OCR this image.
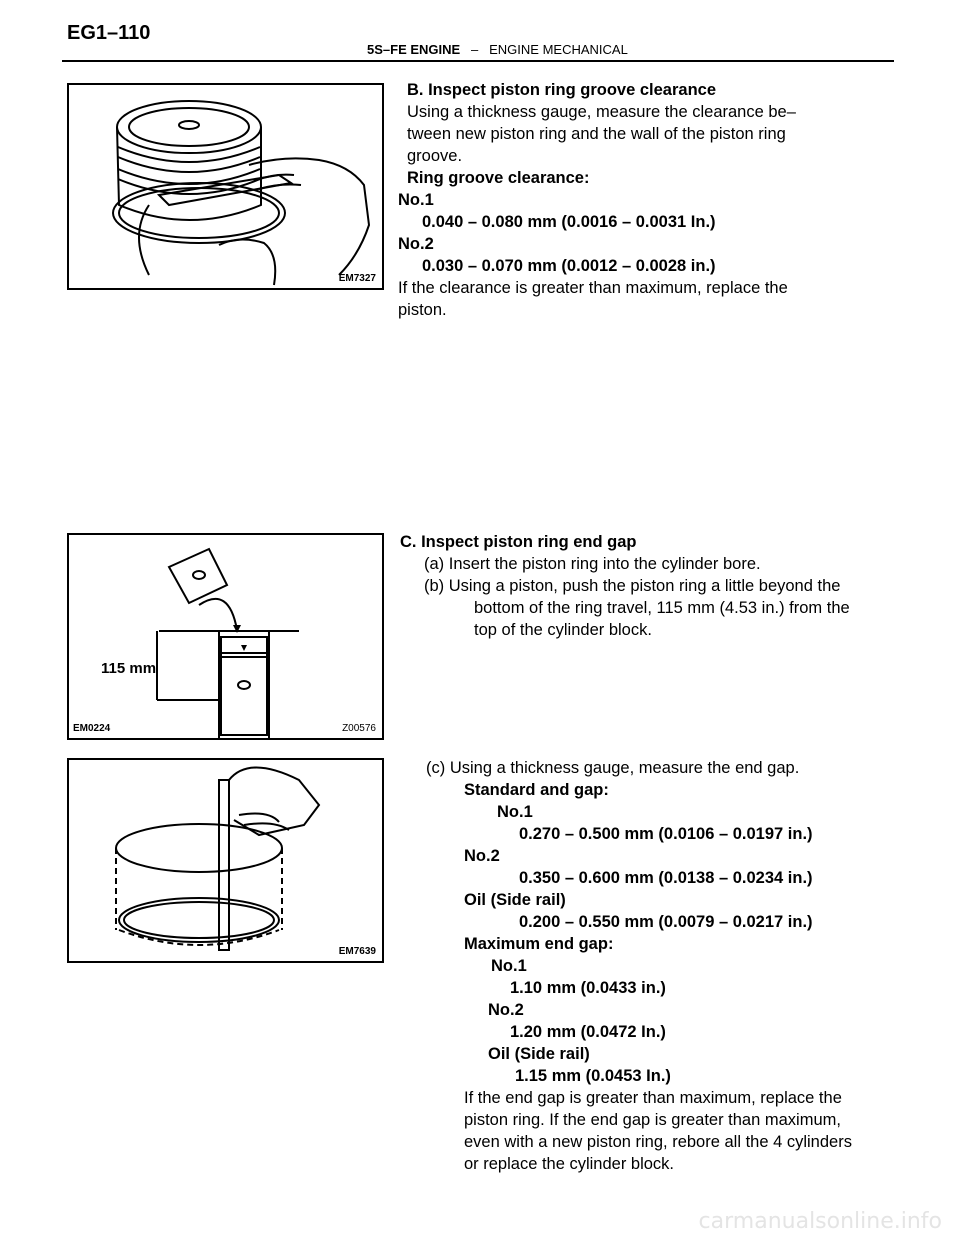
EG1–110
5S–FE ENGINE – ENGINE MECHANICAL
EM7327
B. Inspect piston ring groove clearance
Using a thickness gauge, measure the clearance be–
tween new piston ring and the wall of the piston ring
groove.
Ring groove clearance:
No.1
0.040 – 0.080 mm (0.0016 – 0.0031 In.)
No.2
0.030 – 0.070 mm (0.0012 – 0.0028 in.)
If the clearance is greater than maximum, replace the
piston.
115 mm
EM0224	Z00576
C. Inspect piston ring end gap
(a) Insert the piston ring into the cylinder bore.
(b) Using a piston, push the piston ring a little beyond the
bottom of the ring travel, 115 mm (4.53 in.) from the
top of the cylinder block.
EM7639
(c) Using a thickness gauge, measure the end gap.
Standard and gap:
No.1
0.270 – 0.500 mm (0.0106 – 0.0197 in.)
No.2
0.350 – 0.600 mm (0.0138 – 0.0234 in.)
Oil (Side rail)
0.200 – 0.550 mm (0.0079 – 0.0217 in.)
Maximum end gap:
No.1
1.10 mm (0.0433 in.)
No.2
1.20 mm (0.0472 In.)
Oil (Side rail)
1.15 mm (0.0453 In.)
If the end gap is greater than maximum, replace the
piston ring. If the end gap is greater than maximum,
even with a new piston ring, rebore all the 4 cylinders
or replace the cylinder block.
carmanualsonline.info
